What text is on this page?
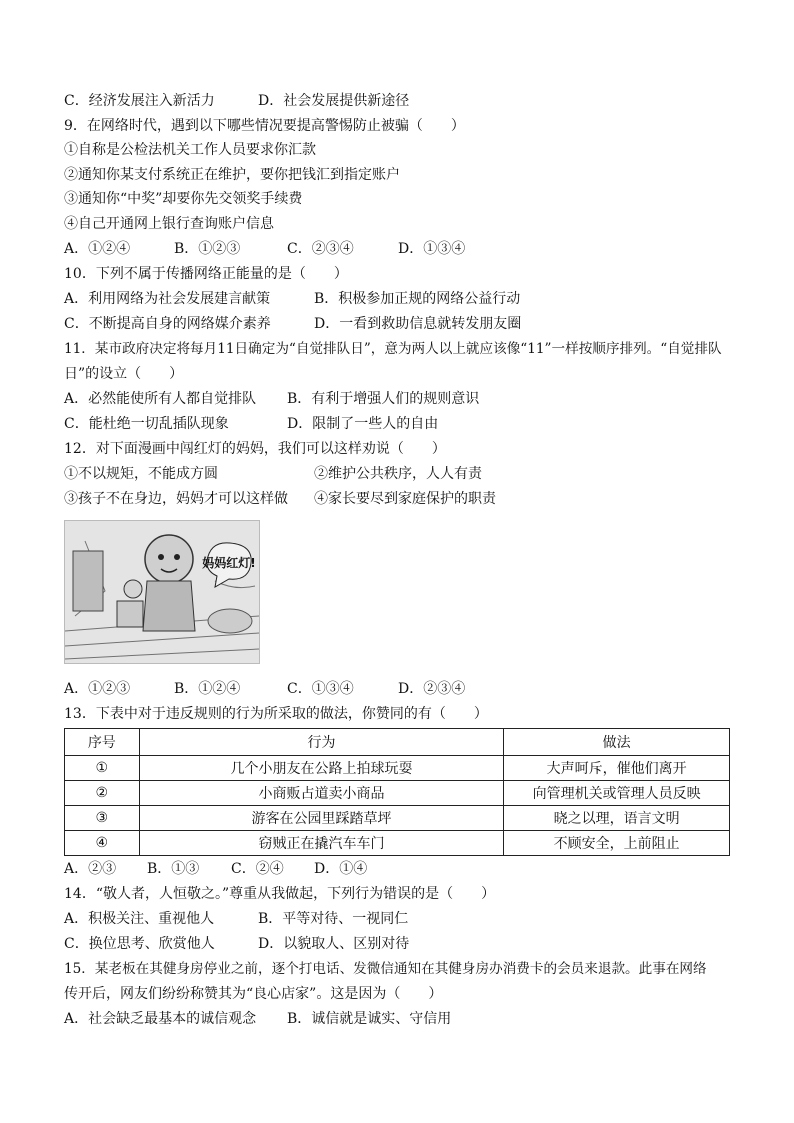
C．经济发展注入新活力	D．社会发展提供新途径
9．在网络时代，遇到以下哪些情况要提高警惕防止被骗（　　）
①自称是公检法机关工作人员要求你汇款
②通知你某支付系统正在维护，要你把钱汇到指定账户
③通知你“中奖”却要你先交领奖手续费
④自己开通网上银行查询账户信息
A．①②④	B．①②③	C．②③④	D．①③④
10．下列不属于传播网络正能量的是（　　）
A．利用网络为社会发展建言献策	B．积极参加正规的网络公益行动
C．不断提高自身的网络媒介素养	D．一看到救助信息就转发朋友圈
11．某市政府决定将每月11日确定为“自觉排队日”，意为两人以上就应该像“11”一样按顺序排列。“自觉排队
日”的设立（　　）
A．必然能使所有人都自觉排队 B．有利于增强人们的规则意识
C．能杜绝一切乱插队现象	D．限制了一些人的自由
12．对下面漫画中闯红灯的妈妈，我们可以这样劝说（　　）
①不以规矩，不能成方圆	②维护公共秩序，人人有责
③孩子不在身边，妈妈才可以这样做 ④家长要尽到家庭保护的职责
妈妈红灯!
A．①②③	B．①②④	C．①③④	D．②③④
13．下表中对于违反规则的行为所采取的做法，你赞同的有（　　）
序号	行为	做法
①	几个小朋友在公路上拍球玩耍	大声呵斥，催他们离开
②	小商贩占道卖小商品	向管理机关或管理人员反映
③	游客在公园里踩踏草坪	晓之以理，语言文明
④	窃贼正在撬汽车车门	不顾安全，上前阻止
A．②③ B．①③ C．②④ D．①④
14．“敬人者，人恒敬之。”尊重从我做起，下列行为错误的是（　　）
A．积极关注、重视他人	B．平等对待、一视同仁
C．换位思考、欣赏他人	D．以貌取人、区别对待
15．某老板在其健身房停业之前，逐个打电话、发微信通知在其健身房办消费卡的会员来退款。此事在网络
传开后，网友们纷纷称赞其为“良心店家”。这是因为（　　）
A．社会缺乏最基本的诚信观念 B．诚信就是诚实、守信用
